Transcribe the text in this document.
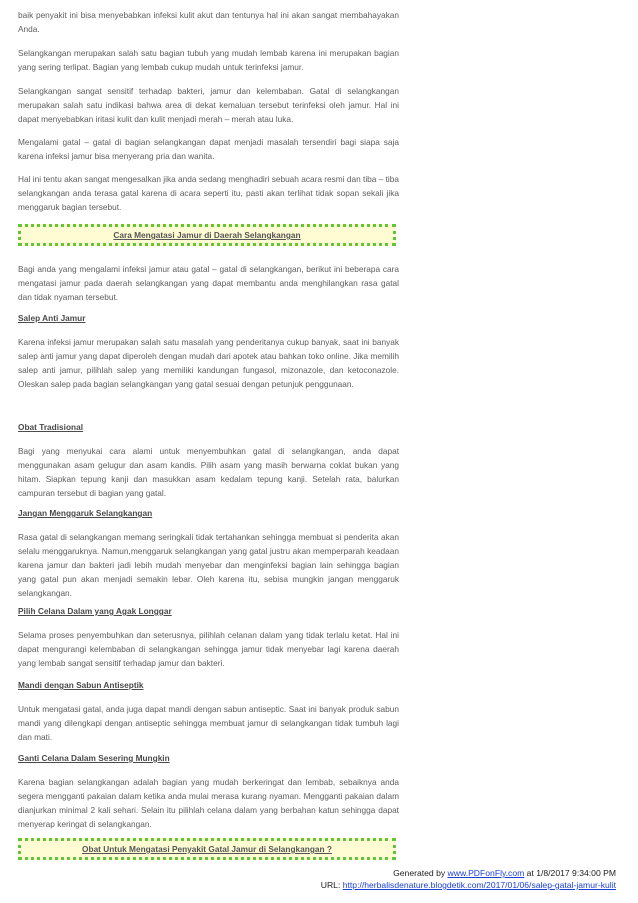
baik penyakit ini bisa menyebabkan infeksi kulit akut dan tentunya hal ini akan sangat membahayakan Anda.

Selangkangan merupakan salah satu bagian tubuh yang mudah lembab karena ini merupakan bagian yang sering terlipat. Bagian yang lembab cukup mudah untuk terinfeksi jamur.

Selangkangan sangat sensitif terhadap bakteri, jamur dan kelembaban. Gatal di selangkangan merupakan salah satu indikasi bahwa area di dekat kemaluan tersebut terinfeksi oleh jamur. Hal ini dapat menyebabkan iritasi kulit dan kulit menjadi merah – merah atau luka.

Mengalami gatal – gatal di bagian selangkangan dapat menjadi masalah tersendiri bagi siapa saja karena infeksi jamur bisa menyerang pria dan wanita.

Hal ini tentu akan sangat mengesalkan jika anda sedang menghadiri sebuah acara resmi dan tiba – tiba selangkangan anda terasa gatal karena di acara seperti itu, pasti akan terlihat tidak sopan sekali jika menggaruk bagian tersebut.

Cara Mengatasi Jamur di Daerah Selangkangan

Bagi anda yang mengalami infeksi jamur atau gatal – gatal di selangkangan, berikut ini beberapa cara mengatasi jamur pada daerah selangkangan yang dapat membantu anda menghilangkan rasa gatal dan tidak nyaman tersebut.

Salep Anti Jamur

Karena infeksi jamur merupakan salah satu masalah yang penderitanya cukup banyak, saat ini banyak salep anti jamur yang dapat diperoleh dengan mudah dari apotek atau bahkan toko online. Jika memilih salep anti jamur, pilihlah salep yang memiliki kandungan fungasol, mizonazole, dan ketoconazole. Oleskan salep pada bagian selangkangan yang gatal sesuai dengan petunjuk penggunaan.

Obat Tradisional

Bagi yang menyukai cara alami untuk menyembuhkan gatal di selangkangan, anda dapat menggunakan asam gelugur dan asam kandis. Pilih asam yang masih berwarna coklat bukan yang hitam. Siapkan tepung kanji dan masukkan asam kedalam tepung kanji. Setelah rata, balurkan campuran tersebut di bagian yang gatal.

Jangan Menggaruk Selangkangan

Rasa gatal di selangkangan memang seringkali tidak tertahankan sehingga membuat si penderita akan selalu menggaruknya. Namun,menggaruk selangkangan yang gatal justru akan memperparah keadaan karena jamur dan bakteri jadi lebih mudah menyebar dan menginfeksi bagian lain sehingga bagian yang gatal pun akan menjadi semakin lebar. Oleh karena itu, sebisa mungkin jangan menggaruk selangkangan.

Pilih Celana Dalam yang Agak Longgar

Selama proses penyembuhkan dan seterusnya, pilihlah celanan dalam yang tidak terlalu ketat. Hal ini dapat mengurangi kelembaban di selangkangan sehingga jamur tidak menyebar lagi karena daerah yang lembab sangat sensitif terhadap jamur dan bakteri.

Mandi dengan Sabun Antiseptik

Untuk mengatasi gatal, anda juga dapat mandi dengan sabun antiseptic. Saat ini banyak produk sabun mandi yang dilengkapi dengan antiseptic sehingga membuat jamur di selangkangan tidak tumbuh lagi dan mati.

Ganti Celana Dalam Sesering Mungkin

Karena bagian selangkangan adalah bagian yang mudah berkeringat dan lembab, sebaiknya anda segera mengganti pakaian dalam ketika anda mulai merasa kurang nyaman. Mengganti pakaian dalam dianjurkan minimal 2 kali sehari. Selain itu pilihlah celana dalam yang berbahan katun sehingga dapat menyerap keringat di selangkangan.

Obat Untuk Mengatasi Penyakit Gatal Jamur di Selangkangan ?
Generated by www.PDFonFly.com at 1/8/2017 9:34:00 PM
URL: http://herbalisdenature.blogdetik.com/2017/01/06/salep-gatal-jamur-kulit
